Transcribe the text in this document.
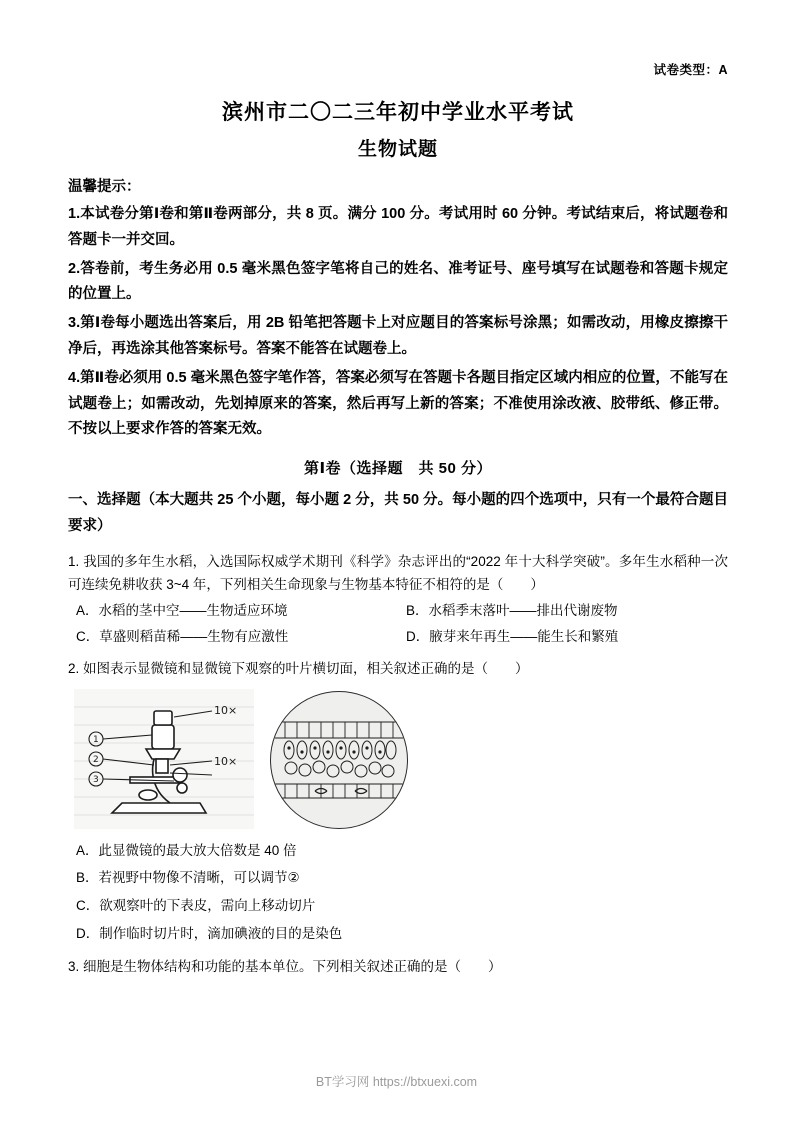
试卷类型：A
滨州市二〇二三年初中学业水平考试
生物试题
温馨提示：
1.本试卷分第Ⅰ卷和第Ⅱ卷两部分，共 8 页。满分 100 分。考试用时 60 分钟。考试结束后，将试题卷和答题卡一并交回。
2.答卷前，考生务必用 0.5 毫米黑色签字笔将自己的姓名、准考证号、座号填写在试题卷和答题卡规定的位置上。
3.第Ⅰ卷每小题选出答案后，用 2B 铅笔把答题卡上对应题目的答案标号涂黑；如需改动，用橡皮擦擦干净后，再选涂其他答案标号。答案不能答在试题卷上。
4.第Ⅱ卷必须用 0.5 毫米黑色签字笔作答，答案必须写在答题卡各题目指定区域内相应的位置，不能写在试题卷上；如需改动，先划掉原来的答案，然后再写上新的答案；不准使用涂改液、胶带纸、修正带。不按以上要求作答的答案无效。
第Ⅰ卷（选择题　共 50 分）
一、选择题（本大题共 25 个小题，每小题 2 分，共 50 分。每小题的四个选项中，只有一个最符合题目要求）
1. 我国的多年生水稻，入选国际权威学术期刊《科学》杂志评出的“2022 年十大科学突破”。多年生水稻种一次可连续免耕收获 3~4 年，下列相关生命现象与生物基本特征不相符的是（　　）
A．水稻的茎中空——生物适应环境	B．水稻季末落叶——排出代谢废物
C．草盛则稻苗稀——生物有应激性	D．腋芽来年再生——能生长和繁殖
2. 如图表示显微镜和显微镜下观察的叶片横切面，相关叙述正确的是（　　）
1
2
3
10×
10×
A．此显微镜的最大放大倍数是 40 倍
B．若视野中物像不清晰，可以调节②
C．欲观察叶的下表皮，需向上移动切片
D．制作临时切片时，滴加碘液的目的是染色
3. 细胞是生物体结构和功能的基本单位。下列相关叙述正确的是（　　）
BT学习网 https://btxuexi.com
